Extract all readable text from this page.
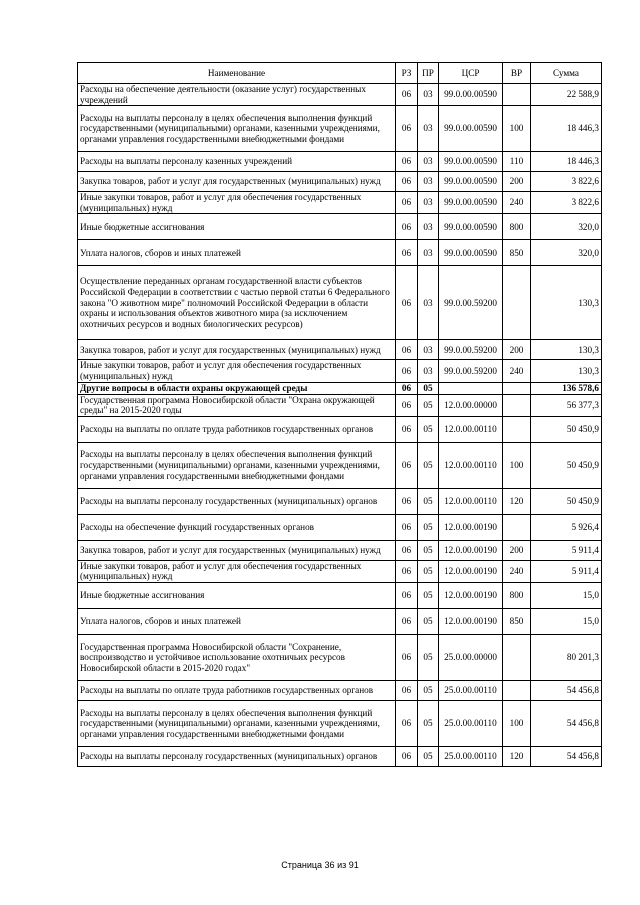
Наименование	РЗ	ПР	ЦСР	ВР	Сумма
Расходы на обеспечение деятельности (оказание услуг) государственных учреждений	06	03	99.0.00.00590		22 588,9
Расходы на выплаты персоналу в целях обеспечения выполнения функций государственными (муниципальными) органами, казенными учреждениями, органами управления государственными внебюджетными фондами	06	03	99.0.00.00590	100	18 446,3
Расходы на выплаты персоналу казенных учреждений	06	03	99.0.00.00590	110	18 446,3
Закупка товаров, работ и услуг для государственных (муниципальных) нужд	06	03	99.0.00.00590	200	3 822,6
Иные закупки товаров, работ и услуг для обеспечения государственных (муниципальных) нужд	06	03	99.0.00.00590	240	3 822,6
Иные бюджетные ассигнования	06	03	99.0.00.00590	800	320,0
Уплата налогов, сборов и иных платежей	06	03	99.0.00.00590	850	320,0
Осуществление переданных органам государственной власти субъектов Российской Федерации в соответствии с частью первой статьи 6 Федерального закона "О животном мире" полномочий Российской Федерации в области охраны и использования объектов животного мира (за исключением охотничьих ресурсов и водных биологических ресурсов)	06	03	99.0.00.59200		130,3
Закупка товаров, работ и услуг для государственных (муниципальных) нужд	06	03	99.0.00.59200	200	130,3
Иные закупки товаров, работ и услуг для обеспечения государственных (муниципальных) нужд	06	03	99.0.00.59200	240	130,3
Другие вопросы в области охраны окружающей среды	06	05			136 578,6
Государственная программа Новосибирской области "Охрана окружающей среды" на 2015-2020 годы	06	05	12.0.00.00000		56 377,3
Расходы на выплаты по оплате труда работников государственных органов	06	05	12.0.00.00110		50 450,9
Расходы на выплаты персоналу в целях обеспечения выполнения функций государственными (муниципальными) органами, казенными учреждениями, органами управления государственными внебюджетными фондами	06	05	12.0.00.00110	100	50 450,9
Расходы на выплаты персоналу государственных (муниципальных) органов	06	05	12.0.00.00110	120	50 450,9
Расходы на обеспечение функций государственных органов	06	05	12.0.00.00190		5 926,4
Закупка товаров, работ и услуг для государственных (муниципальных) нужд	06	05	12.0.00.00190	200	5 911,4
Иные закупки товаров, работ и услуг для обеспечения государственных (муниципальных) нужд	06	05	12.0.00.00190	240	5 911,4
Иные бюджетные ассигнования	06	05	12.0.00.00190	800	15,0
Уплата налогов, сборов и иных платежей	06	05	12.0.00.00190	850	15,0
Государственная программа Новосибирской области "Сохранение, воспроизводство и устойчивое использование охотничьих ресурсов Новосибирской области в 2015-2020 годах"	06	05	25.0.00.00000		80 201,3
Расходы на выплаты по оплате труда работников государственных органов	06	05	25.0.00.00110		54 456,8
Расходы на выплаты персоналу в целях обеспечения выполнения функций государственными (муниципальными) органами, казенными учреждениями, органами управления государственными внебюджетными фондами	06	05	25.0.00.00110	100	54 456,8
Расходы на выплаты персоналу государственных (муниципальных) органов	06	05	25.0.00.00110	120	54 456,8
Страница 36 из 91
